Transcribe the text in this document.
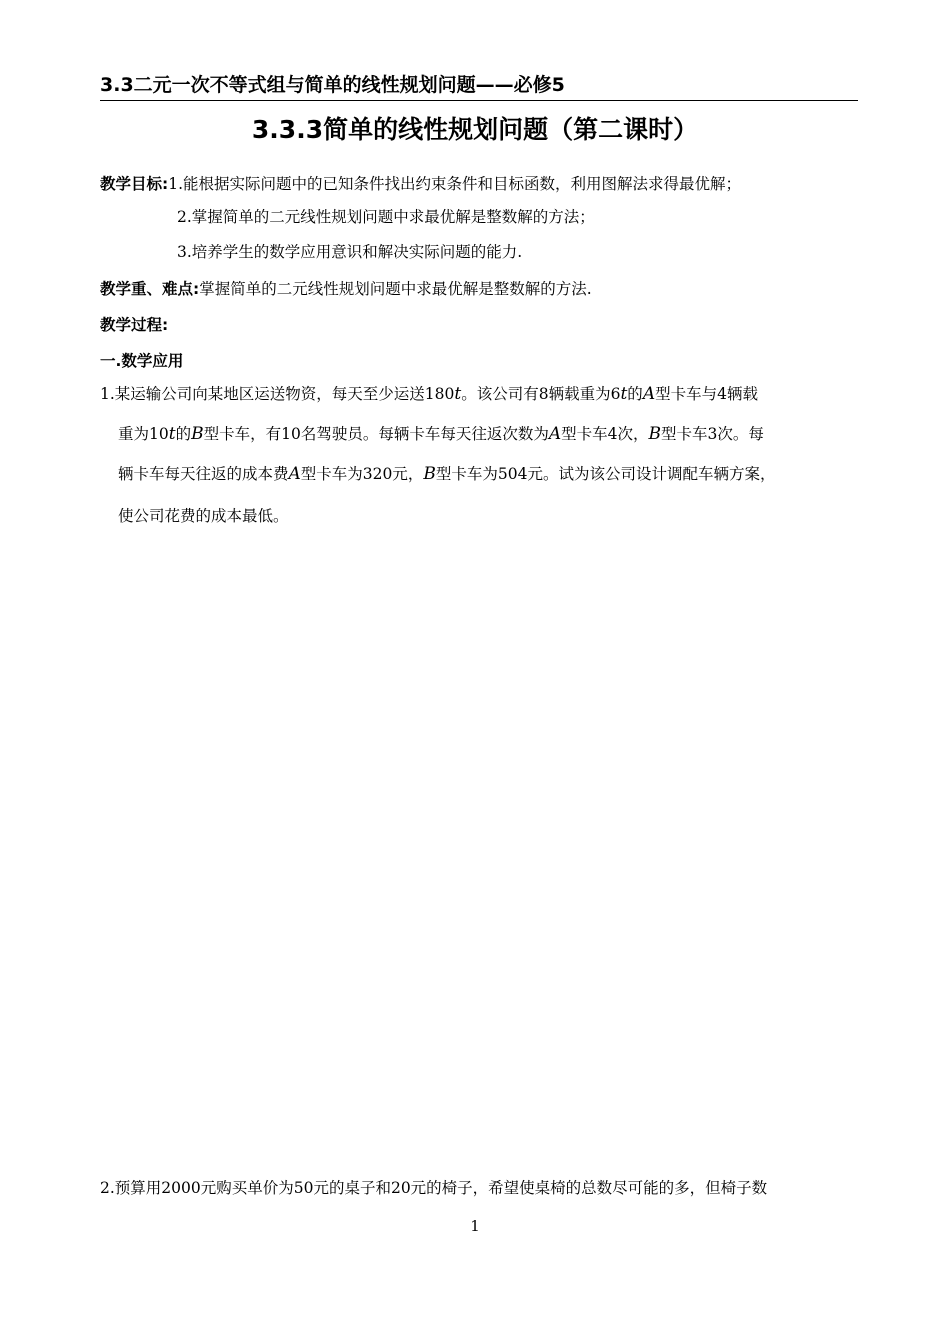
3.3二元一次不等式组与简单的线性规划问题——必修5
3.3.3简单的线性规划问题（第二课时）
教学目标:1.能根据实际问题中的已知条件找出约束条件和目标函数，利用图解法求得最优解；
2.掌握简单的二元线性规划问题中求最优解是整数解的方法；
3.培养学生的数学应用意识和解决实际问题的能力.
教学重、难点:掌握简单的二元线性规划问题中求最优解是整数解的方法.
教学过程:
一.数学应用
1.某运输公司向某地区运送物资，每天至少运送180t。该公司有8辆载重为6t的A型卡车与4辆载
重为10t的B型卡车，有10名驾驶员。每辆卡车每天往返次数为A型卡车4次，B型卡车3次。每
辆卡车每天往返的成本费A型卡车为320元，B型卡车为504元。试为该公司设计调配车辆方案，
使公司花费的成本最低。
2.预算用2000元购买单价为50元的桌子和20元的椅子，希望使桌椅的总数尽可能的多，但椅子数
1
